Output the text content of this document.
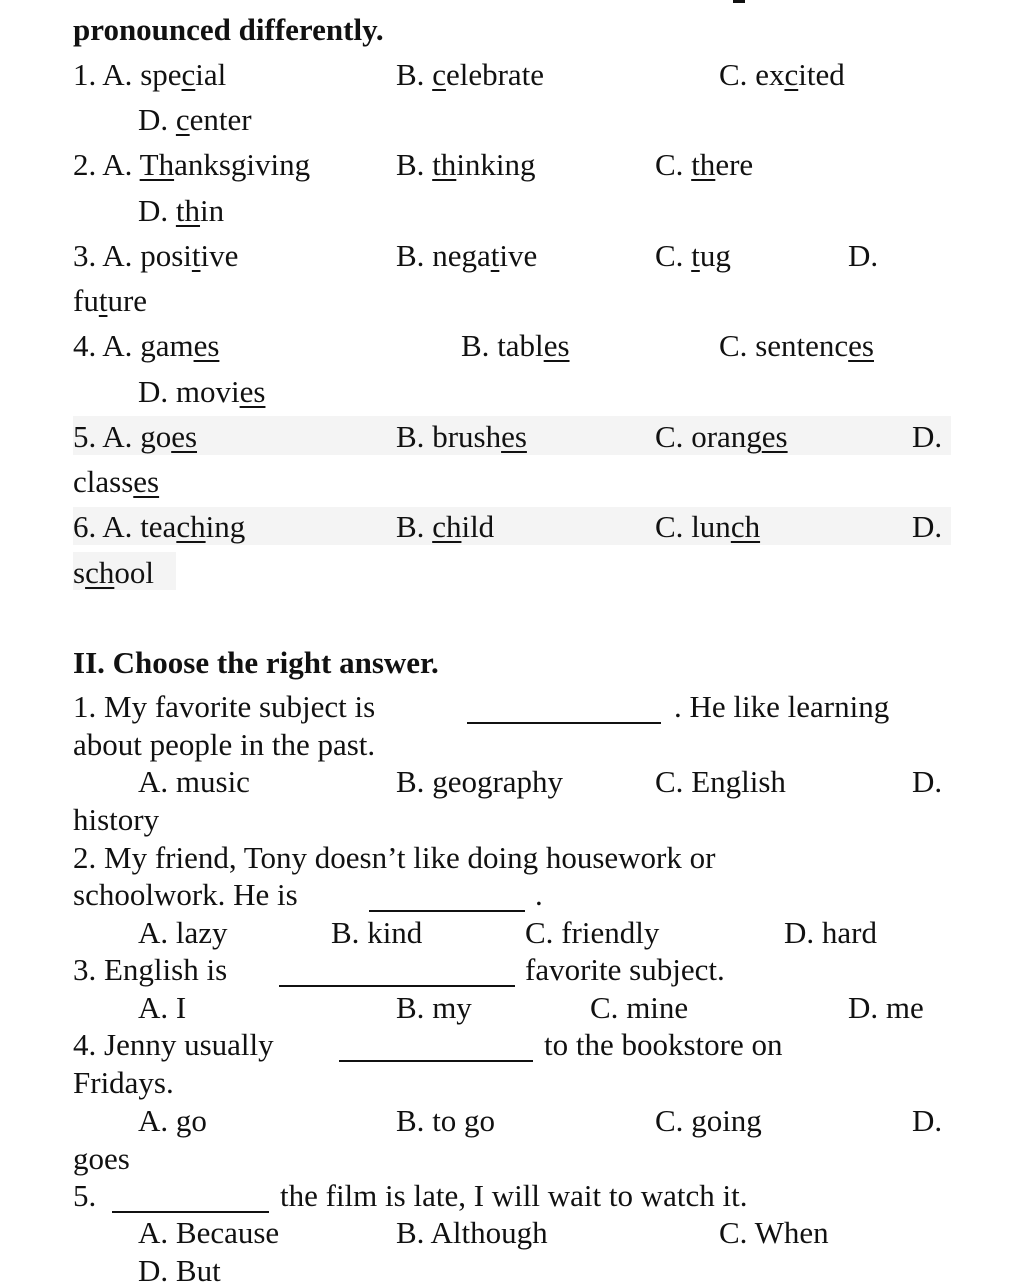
pronounced differently.
1. A. special	B. celebrate	C. excited
D. center
2. A. Thanksgiving	B. thinking	C. there
D. thin
3. A. positive	B. negative	C. tug	D.
future
4. A. games	B. tables	C. sentences
D. movies
5. A. goes	B. brushes	C. oranges	D.
classes
6. A. teaching	B. child	C. lunch	D.
school
II. Choose the right answer.
1. My favorite subject is	. He like learning
about people in the past.
A. music	B. geography	C. English	D.
history
2. My friend, Tony doesn’t like doing housework or
schoolwork. He is	.
A. lazy	B. kind	C. friendly	D. hard
3. English is	favorite subject.
A. I	B. my	C. mine	D. me
4. Jenny usually	to the bookstore on
Fridays.
A. go	B. to go	C. going	D.
goes
5.	the film is late, I will wait to watch it.
A. Because	B. Although	C. When
D. But
